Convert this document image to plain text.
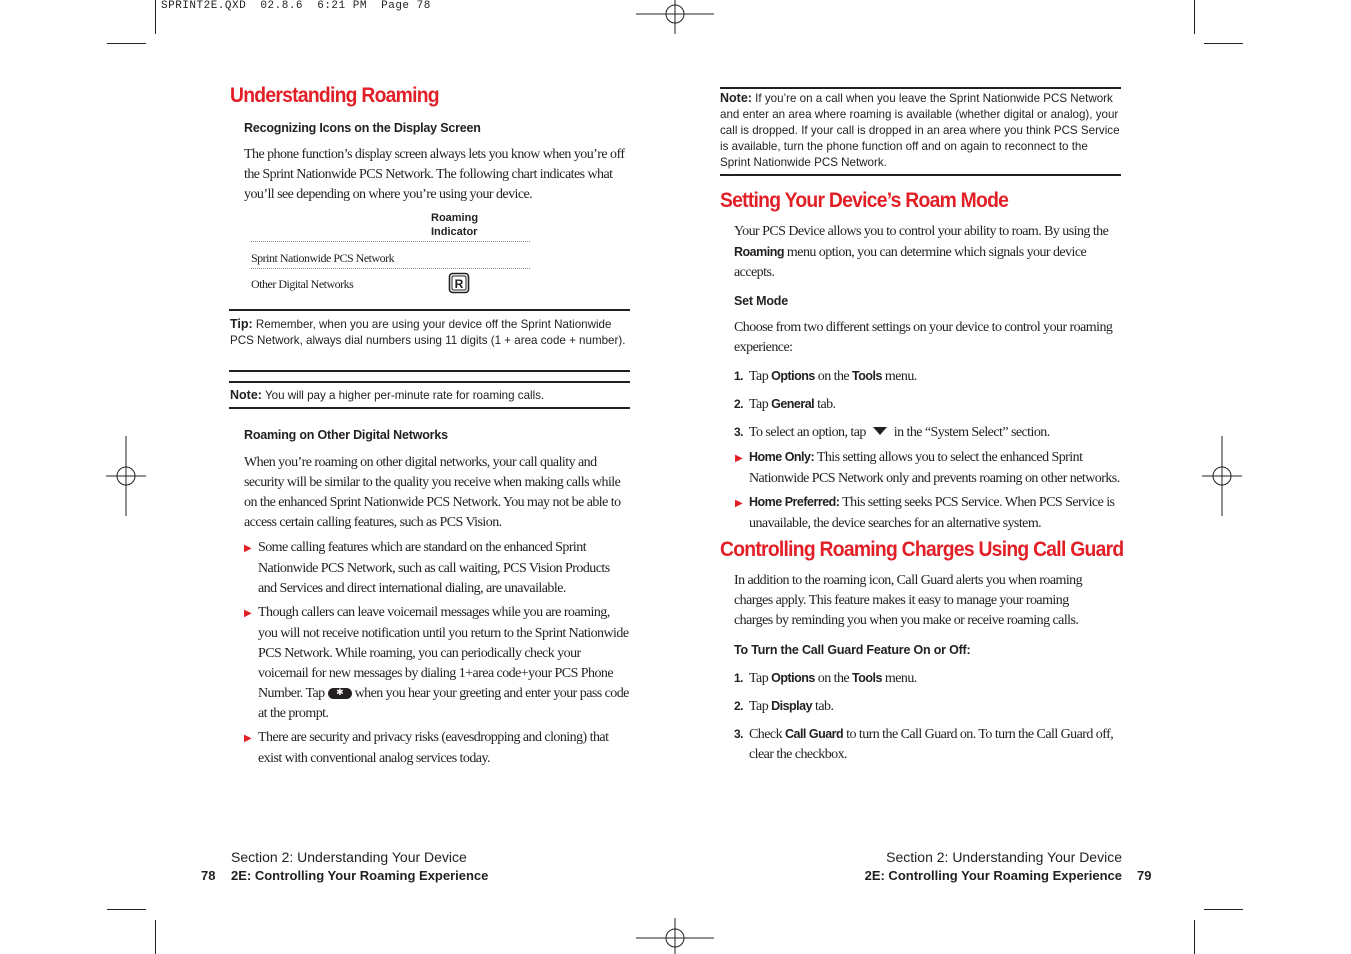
SPRINT2E.QXD  02.8.6  6:21 PM  Page 78
Understanding Roaming
Recognizing Icons on the Display Screen

The phone function’s display screen always lets you know when you’re off the Sprint Nationwide PCS Network. The following chart indicates what you’ll see depending on where you’re using your device.

Roaming
Indicator
Sprint Nationwide PCS Network
Other Digital Networks	R
Tip: Remember, when you are using your device off the Sprint Nationwide PCS Network, always dial numbers using 11 digits (1 + area code + number).
Note: You will pay a higher per-minute rate for roaming calls.
Roaming on Other Digital Networks

When you’re roaming on other digital networks, your call quality and security will be similar to the quality you receive when making calls while on the enhanced Sprint Nationwide PCS Network. You may not be able to access certain calling features, such as PCS Vision.

▶ Some calling features which are standard on the enhanced Sprint Nationwide PCS Network, such as call waiting, PCS Vision Products and Services and direct international dialing, are unavailable.

▶ Though callers can leave voicemail messages while you are roaming, you will not receive notification until you return to the Sprint Nationwide PCS Network. While roaming, you can periodically check your voicemail for new messages by dialing 1+area code+your PCS Phone Number. Tap ✱ when you hear your greeting and enter your pass code at the prompt.

▶ There are security and privacy risks (eavesdropping and cloning) that exist with conventional analog services today.

Section 2: Understanding Your Device
78 2E: Controlling Your Roaming Experience
Note: If you’re on a call when you leave the Sprint Nationwide PCS Network and enter an area where roaming is available (whether digital or analog), your call is dropped. If your call is dropped in an area where you think PCS Service is available, turn the phone function off and on again to reconnect to the Sprint Nationwide PCS Network.
Setting Your Device’s Roam Mode

Your PCS Device allows you to control your ability to roam. By using the Roaming menu option, you can determine which signals your device accepts.

Set Mode

Choose from two different settings on your device to control your roaming experience:

1. Tap Options on the Tools menu.

2. Tap General tab.

3. To select an option, tap  in the “System Select” section.

▶ Home Only: This setting allows you to select the enhanced Sprint Nationwide PCS Network only and prevents roaming on other networks.

▶ Home Preferred: This setting seeks PCS Service. When PCS Service is unavailable, the device searches for an alternative system.

Controlling Roaming Charges Using Call Guard

In addition to the roaming icon, Call Guard alerts you when roaming charges apply. This feature makes it easy to manage your roaming charges by reminding you when you make or receive roaming calls.

To Turn the Call Guard Feature On or Off:

1. Tap Options on the Tools menu.

2. Tap Display tab.

3. Check Call Guard to turn the Call Guard on. To turn the Call Guard off, clear the checkbox.

Section 2: Understanding Your Device
2E: Controlling Your Roaming Experience 79
